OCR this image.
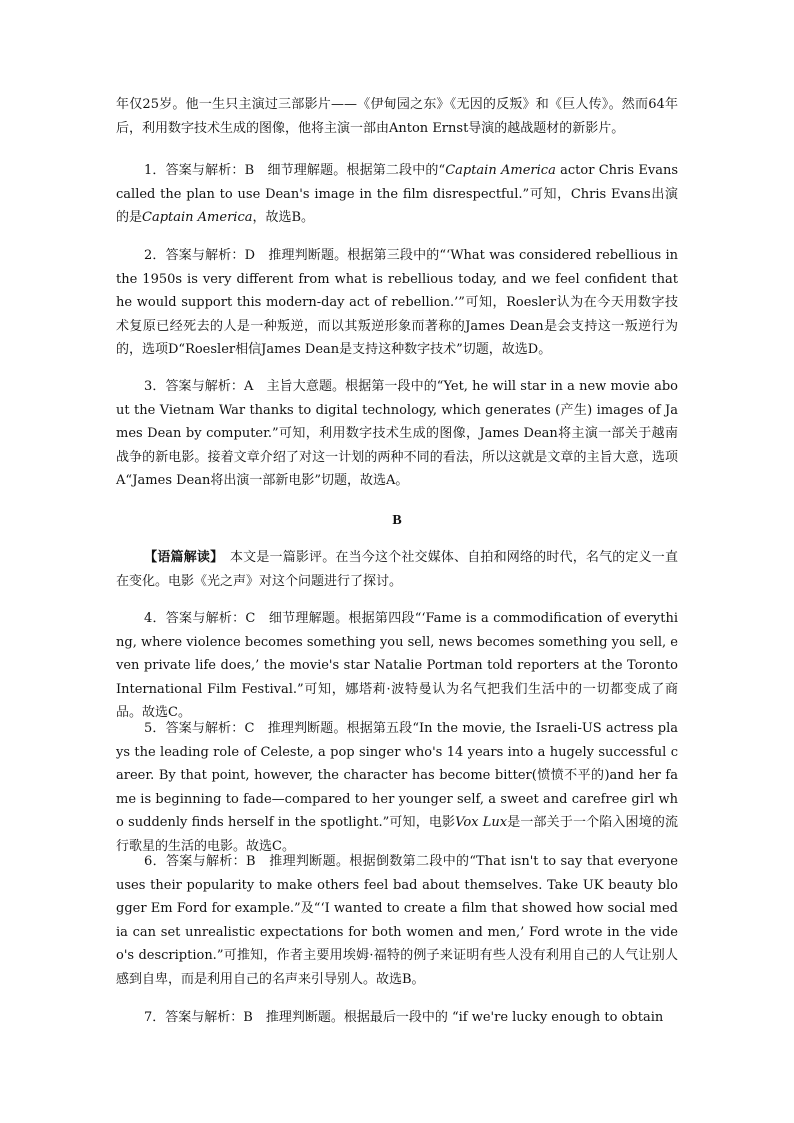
年仅25岁。他一生只主演过三部影片——《伊甸园之东》《无因的反叛》和《巨人传》。然而64年后，利用数字技术生成的图像，他将主演一部由Anton Ernst导演的越战题材的新影片。

1．答案与解析：B　细节理解题。根据第二段中的“Captain America actor Chris Evans called the plan to use Dean's image in the film disrespectful.”可知，Chris Evans出演的是Captain America，故选B。

2．答案与解析：D　推理判断题。根据第三段中的“‘What was considered rebellious in the 1950s is very different from what is rebellious today, and we feel confident that he would support this modern-day act of rebellion.’”可知，Roesler认为在今天用数字技术复原已经死去的人是一种叛逆，而以其叛逆形象而著称的James Dean是会支持这一叛逆行为的，选项D“Roesler相信James Dean是支持这种数字技术”切题，故选D。

3．答案与解析：A　主旨大意题。根据第一段中的“Yet, he will star in a new movie about the Vietnam War thanks to digital technology, which generates (产生) images of James Dean by computer.”可知，利用数字技术生成的图像，James Dean将主演一部关于越南战争的新电影。接着文章介绍了对这一计划的两种不同的看法，所以这就是文章的主旨大意，选项A“James Dean将出演一部新电影”切题，故选A。

B

【语篇解读】　本文是一篇影评。在当今这个社交媒体、自拍和网络的时代，名气的定义一直在变化。电影《光之声》对这个问题进行了探讨。

4．答案与解析：C　细节理解题。根据第四段“‘Fame is a commodification of everything, where violence becomes something you sell, news becomes something you sell, even private life does,’ the movie's star Natalie Portman told reporters at the Toronto International Film Festival.”可知，娜塔莉·波特曼认为名气把我们生活中的一切都变成了商品。故选C。

5．答案与解析：C　推理判断题。根据第五段“In the movie, the Israeli-US actress plays the leading role of Celeste, a pop singer who's 14 years into a hugely successful career. By that point, however, the character has become bitter(愤愤不平的)and her fame is beginning to fade—compared to her younger self, a sweet and carefree girl who suddenly finds herself in the spotlight.”可知，电影Vox Lux是一部关于一个陷入困境的流行歌星的生活的电影。故选C。

6．答案与解析：B　推理判断题。根据倒数第二段中的“That isn't to say that everyone uses their popularity to make others feel bad about themselves. Take UK beauty blogger Em Ford for example.”及“‘I wanted to create a film that showed how social media can set unrealistic expectations for both women and men,’ Ford wrote in the video's description.”可推知，作者主要用埃姆·福特的例子来证明有些人没有利用自己的人气让别人感到自卑，而是利用自己的名声来引导别人。故选B。

7．答案与解析：B　推理判断题。根据最后一段中的 “if we're lucky enough to obtain
